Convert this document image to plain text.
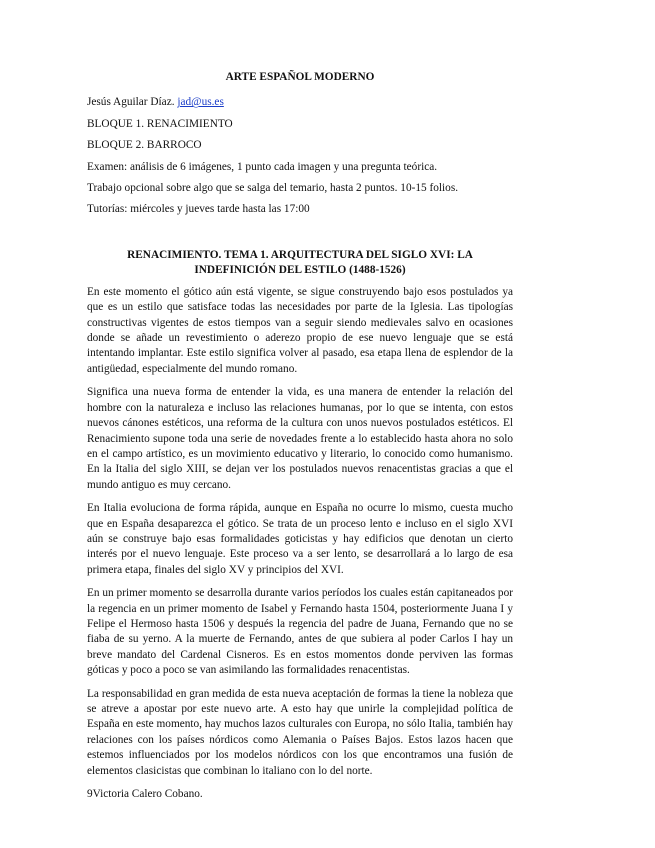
ARTE ESPAÑOL MODERNO
Jesús Aguilar Díaz. jad@us.es
BLOQUE 1. RENACIMIENTO
BLOQUE 2. BARROCO
Examen: análisis de 6 imágenes, 1 punto cada imagen y una pregunta teórica.
Trabajo opcional sobre algo que se salga del temario, hasta 2 puntos. 10-15 folios.
Tutorías: miércoles y jueves tarde hasta las 17:00
RENACIMIENTO. TEMA 1. ARQUITECTURA DEL SIGLO XVI: LA INDEFINICIÓN DEL ESTILO (1488-1526)

En este momento el gótico aún está vigente, se sigue construyendo bajo esos postulados ya que es un estilo que satisface todas las necesidades por parte de la Iglesia. Las tipologías constructivas vigentes de estos tiempos van a seguir siendo medievales salvo en ocasiones donde se añade un revestimiento o aderezo propio de ese nuevo lenguaje que se está intentando implantar. Este estilo significa volver al pasado, esa etapa llena de esplendor de la antigüedad, especialmente del mundo romano.

Significa una nueva forma de entender la vida, es una manera de entender la relación del hombre con la naturaleza e incluso las relaciones humanas, por lo que se intenta, con estos nuevos cánones estéticos, una reforma de la cultura con unos nuevos postulados estéticos. El Renacimiento supone toda una serie de novedades frente a lo establecido hasta ahora no solo en el campo artístico, es un movimiento educativo y literario, lo conocido como humanismo. En la Italia del siglo XIII, se dejan ver los postulados nuevos renacentistas gracias a que el mundo antiguo es muy cercano.

En Italia evoluciona de forma rápida, aunque en España no ocurre lo mismo, cuesta mucho que en España desaparezca el gótico. Se trata de un proceso lento e incluso en el siglo XVI aún se construye bajo esas formalidades goticistas y hay edificios que denotan un cierto interés por el nuevo lenguaje. Este proceso va a ser lento, se desarrollará a lo largo de esa primera etapa, finales del siglo XV y principios del XVI.

En un primer momento se desarrolla durante varios períodos los cuales están capitaneados por la regencia en un primer momento de Isabel y Fernando hasta 1504, posteriormente Juana I y Felipe el Hermoso hasta 1506 y después la regencia del padre de Juana, Fernando que no se fiaba de su yerno. A la muerte de Fernando, antes de que subiera al poder Carlos I hay un breve mandato del Cardenal Cisneros. Es en estos momentos donde perviven las formas góticas y poco a poco se van asimilando las formalidades renacentistas.

La responsabilidad en gran medida de esta nueva aceptación de formas la tiene la nobleza que se atreve a apostar por este nuevo arte. A esto hay que unirle la complejidad política de España en este momento, hay muchos lazos culturales con Europa, no sólo Italia, también hay relaciones con los países nórdicos como Alemania o Países Bajos. Estos lazos hacen que estemos influenciados por los modelos nórdicos con los que encontramos una fusión de elementos clasicistas que combinan lo italiano con lo del norte.

9Victoria Calero Cobano.
